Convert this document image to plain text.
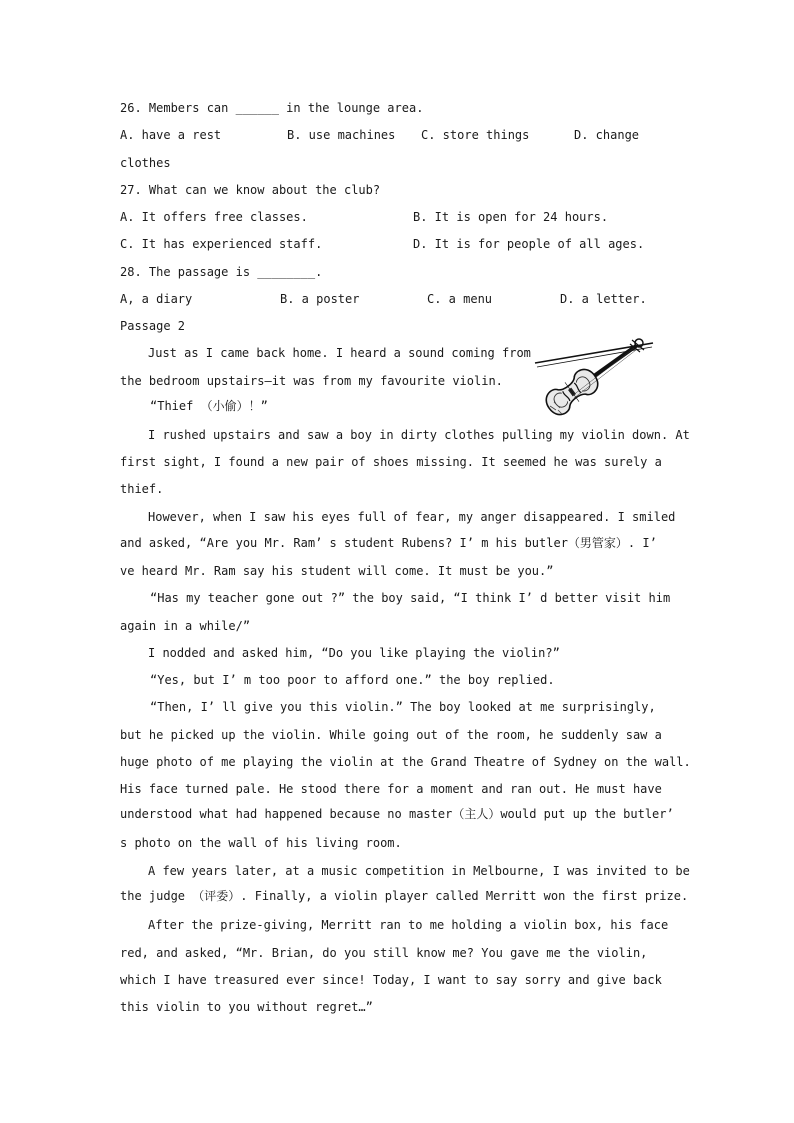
26. Members can ______ in the lounge area.
A. have a rest	B. use machines C. store things	D. change
clothes
27. What can we know about the club?
A. It offers free classes.	B. It is open for 24 hours.
C. It has experienced staff.	D. It is for people of all ages.
28. The passage is ________.
A, a diary	B. a poster	C. a menu	D. a letter.
Passage 2
Just as I came back home. I heard a sound coming from
the bedroom upstairs—it was from my favourite violin.
“Thief （小偷）！”
I rushed upstairs and saw a boy in dirty clothes pulling my violin down. At
first sight, I found a new pair of shoes missing. It seemed he was surely a
thief.
However, when I saw his eyes full of fear, my anger disappeared. I smiled
and asked, “Are you Mr. Ram’ s student Rubens? I’ m his butler（男管家）. I’
ve heard Mr. Ram say his student will come. It must be you.”
“Has my teacher gone out ?” the boy said, “I think I’ d better visit him
again in a while/”
I nodded and asked him, “Do you like playing the violin?”
“Yes, but I’ m too poor to afford one.” the boy replied.
“Then, I’ ll give you this violin.” The boy looked at me surprisingly,
but he picked up the violin. While going out of the room, he suddenly saw a
huge photo of me playing the violin at the Grand Theatre of Sydney on the wall.
His face turned pale. He stood there for a moment and ran out. He must have
understood what had happened because no master（主人）would put up the butler’
s photo on the wall of his living room.
A few years later, at a music competition in Melbourne, I was invited to be
the judge （评委）. Finally, a violin player called Merritt won the first prize.
After the prize-giving, Merritt ran to me holding a violin box, his face
red, and asked, “Mr. Brian, do you still know me? You gave me the violin,
which I have treasured ever since! Today, I want to say sorry and give back
this violin to you without regret…”
